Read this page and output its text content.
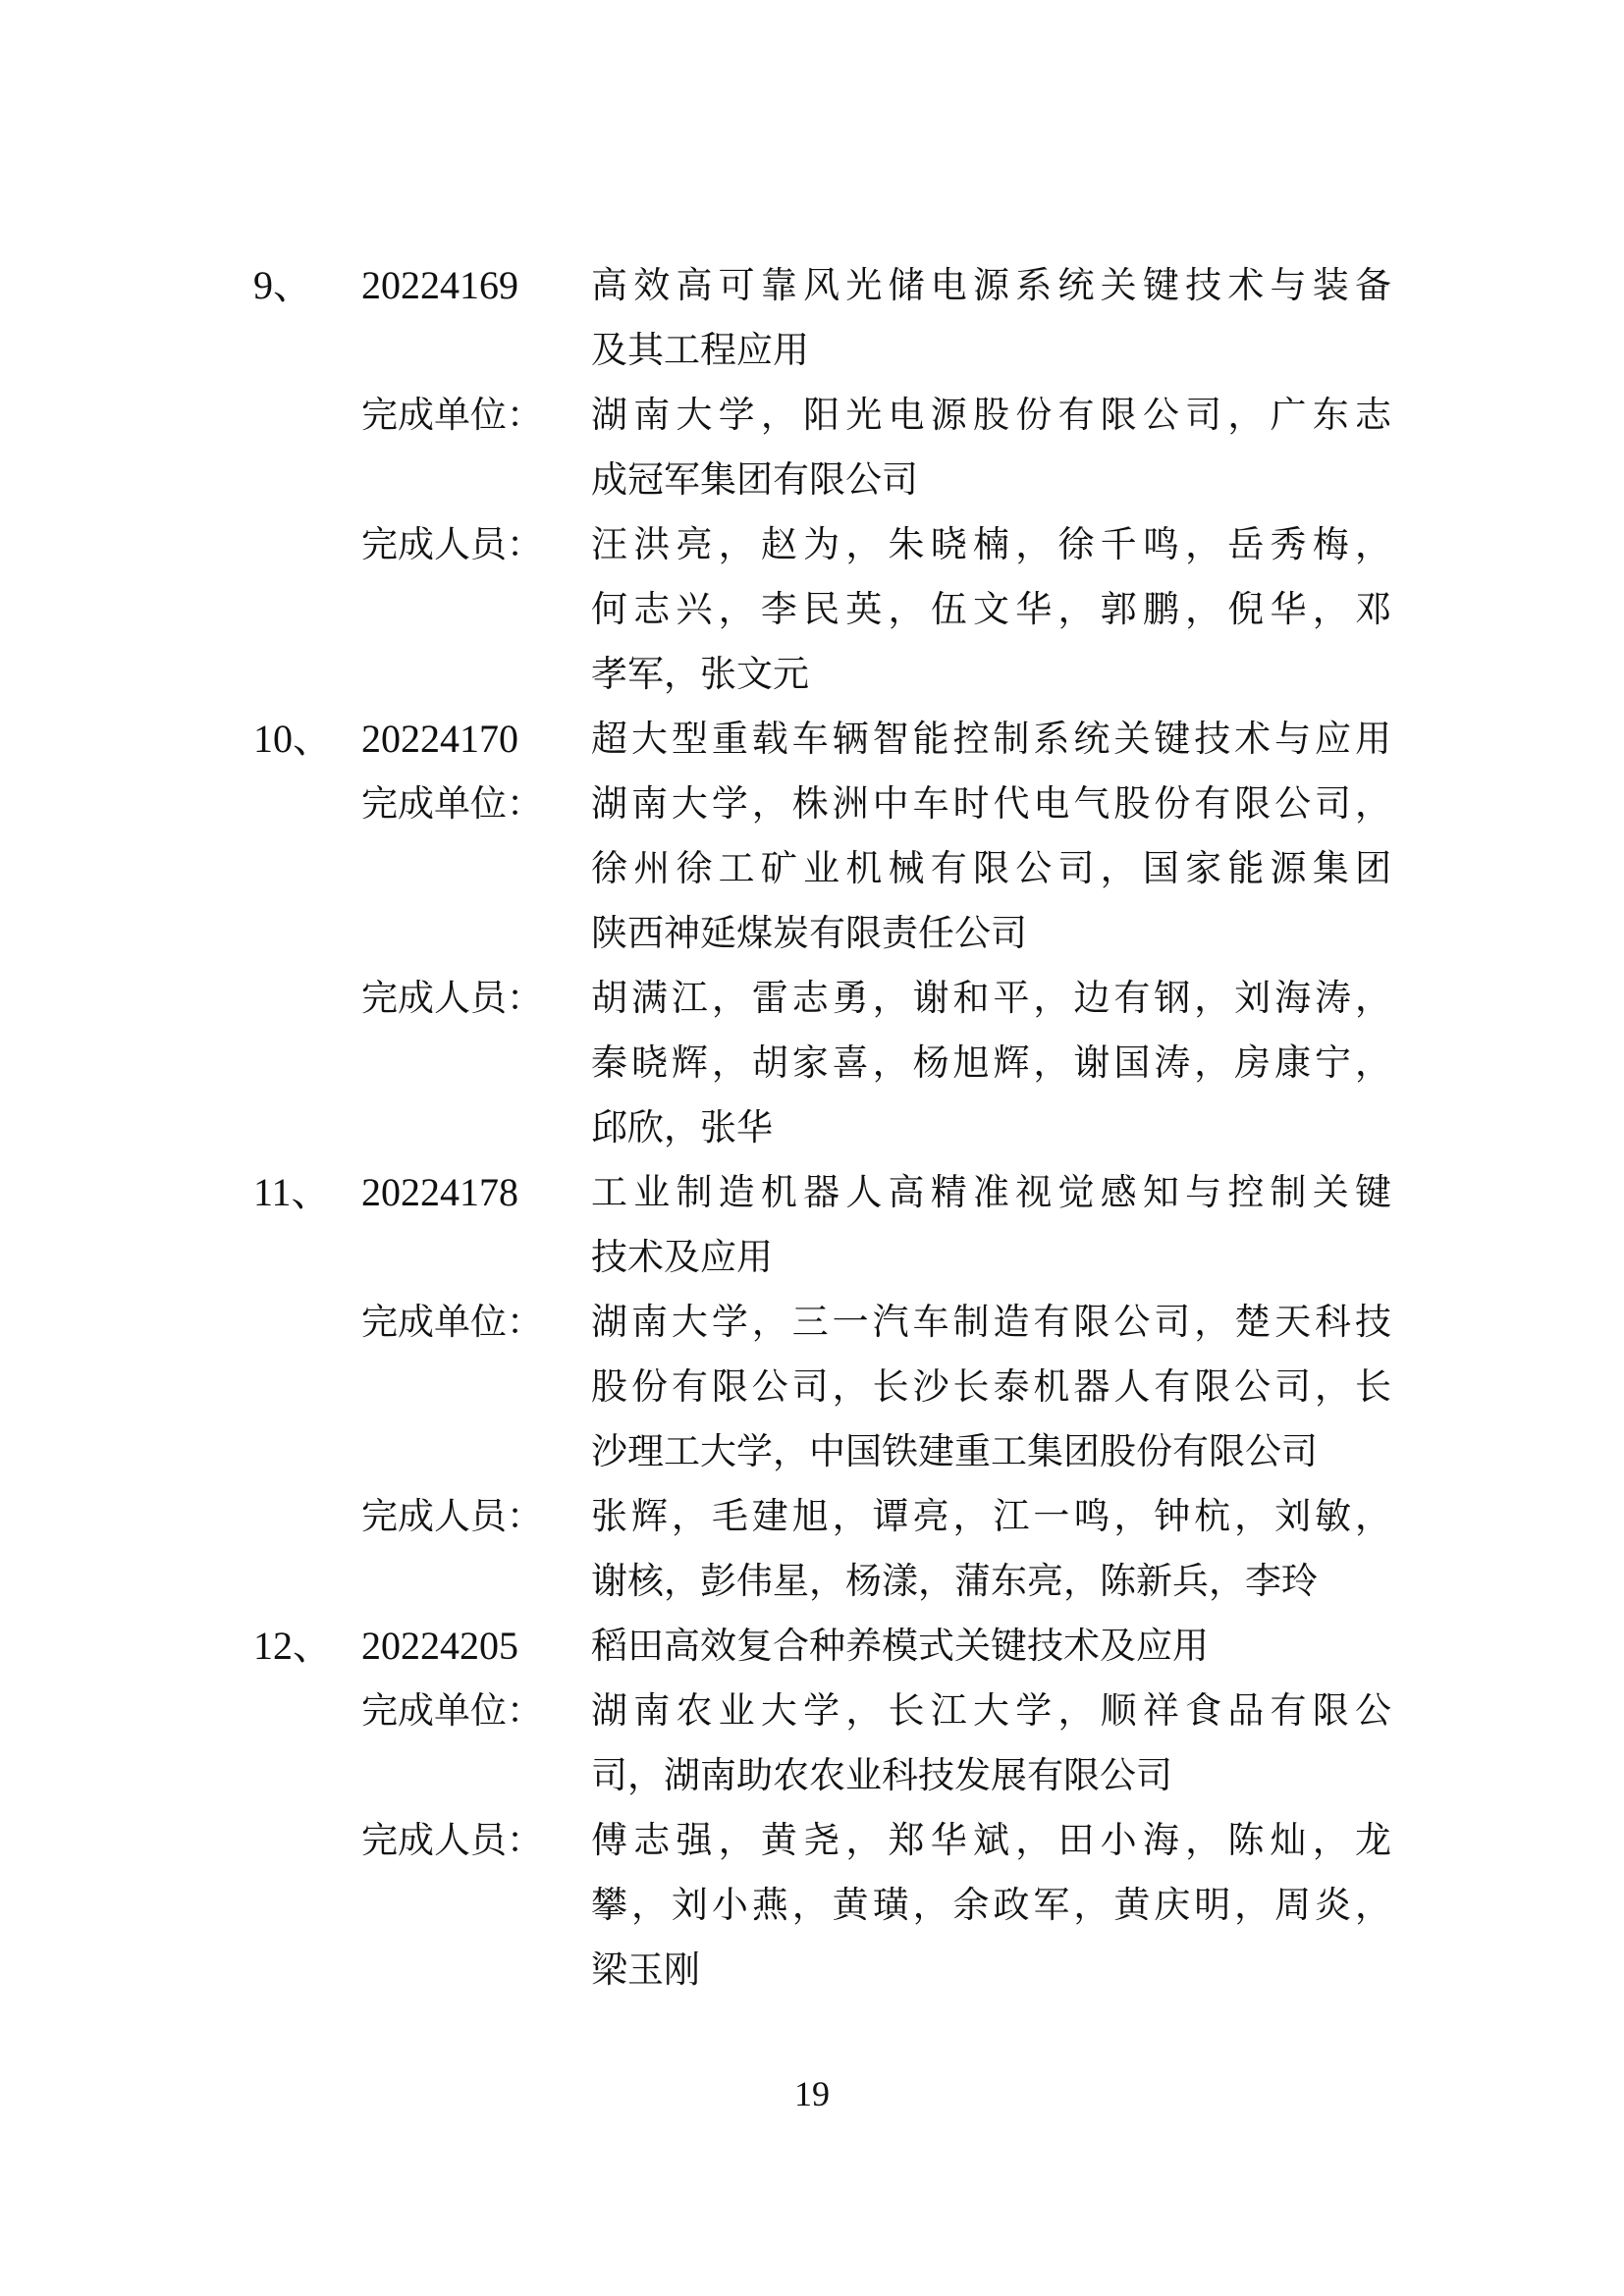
9、 20224169 高效高可靠风光储电源系统关键技术与装备
及其工程应用
完成单位： 湖南大学，阳光电源股份有限公司，广东志
成冠军集团有限公司
完成人员： 汪洪亮，赵为，朱晓楠，徐千鸣，岳秀梅，
何志兴，李民英，伍文华，郭鹏，倪华，邓
孝军，张文元
10、 20224170 超大型重载车辆智能控制系统关键技术与应用
完成单位： 湖南大学，株洲中车时代电气股份有限公司，
徐州徐工矿业机械有限公司，国家能源集团
陕西神延煤炭有限责任公司
完成人员： 胡满江，雷志勇，谢和平，边有钢，刘海涛，
秦晓辉，胡家喜，杨旭辉，谢国涛，房康宁，
邱欣，张华
11、 20224178 工业制造机器人高精准视觉感知与控制关键
技术及应用
完成单位： 湖南大学，三一汽车制造有限公司，楚天科技
股份有限公司，长沙长泰机器人有限公司，长
沙理工大学，中国铁建重工集团股份有限公司
完成人员： 张辉，毛建旭，谭亮，江一鸣，钟杭，刘敏，
谢核，彭伟星，杨漾，蒲东亮，陈新兵，李玲
12、 20224205 稻田高效复合种养模式关键技术及应用
完成单位： 湖南农业大学，长江大学，顺祥食品有限公
司，湖南助农农业科技发展有限公司
完成人员： 傅志强，黄尧，郑华斌，田小海，陈灿，龙
攀，刘小燕，黄璜，余政军，黄庆明，周炎，
梁玉刚
19
